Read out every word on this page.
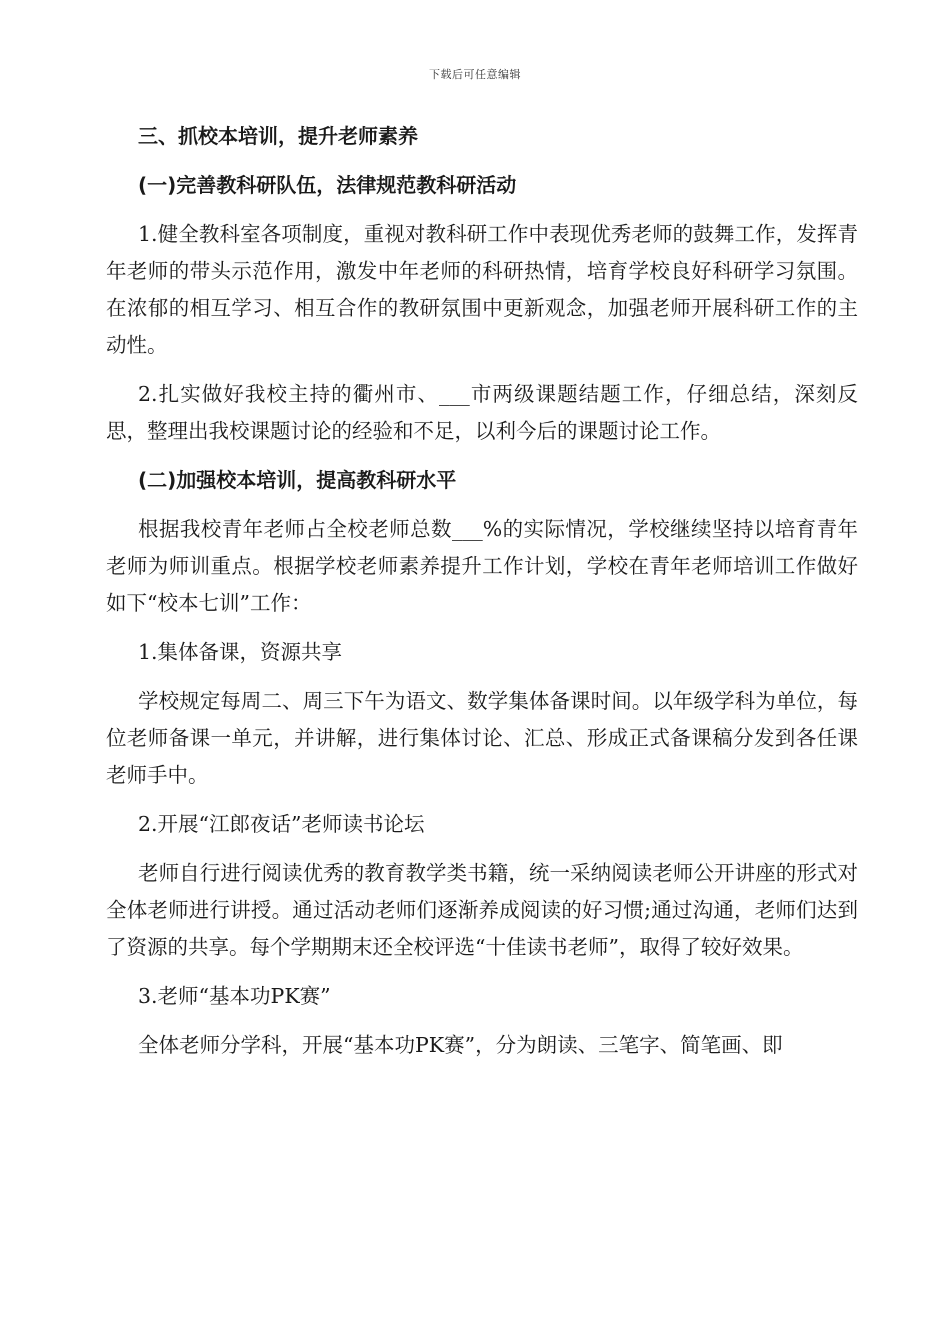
下载后可任意编辑

三、抓校本培训，提升老师素养

(一)完善教科研队伍，法律规范教科研活动

1.健全教科室各项制度，重视对教科研工作中表现优秀老师的鼓舞工作，发挥青年老师的带头示范作用，激发中年老师的科研热情，培育学校良好科研学习氛围。在浓郁的相互学习、相互合作的教研氛围中更新观念，加强老师开展科研工作的主动性。

2.扎实做好我校主持的衢州市、___市两级课题结题工作，仔细总结，深刻反思，整理出我校课题讨论的经验和不足，以利今后的课题讨论工作。

(二)加强校本培训，提高教科研水平

根据我校青年老师占全校老师总数___%的实际情况，学校继续坚持以培育青年老师为师训重点。根据学校老师素养提升工作计划，学校在青年老师培训工作做好如下“校本七训”工作：

1.集体备课，资源共享

学校规定每周二、周三下午为语文、数学集体备课时间。以年级学科为单位，每位老师备课一单元，并讲解，进行集体讨论、汇总、形成正式备课稿分发到各任课老师手中。

2.开展“江郎夜话”老师读书论坛

老师自行进行阅读优秀的教育教学类书籍，统一采纳阅读老师公开讲座的形式对全体老师进行讲授。通过活动老师们逐渐养成阅读的好习惯;通过沟通，老师们达到了资源的共享。每个学期期末还全校评选“十佳读书老师”，取得了较好效果。

3.老师“基本功PK赛”

全体老师分学科，开展“基本功PK赛”，分为朗读、三笔字、简笔画、即
